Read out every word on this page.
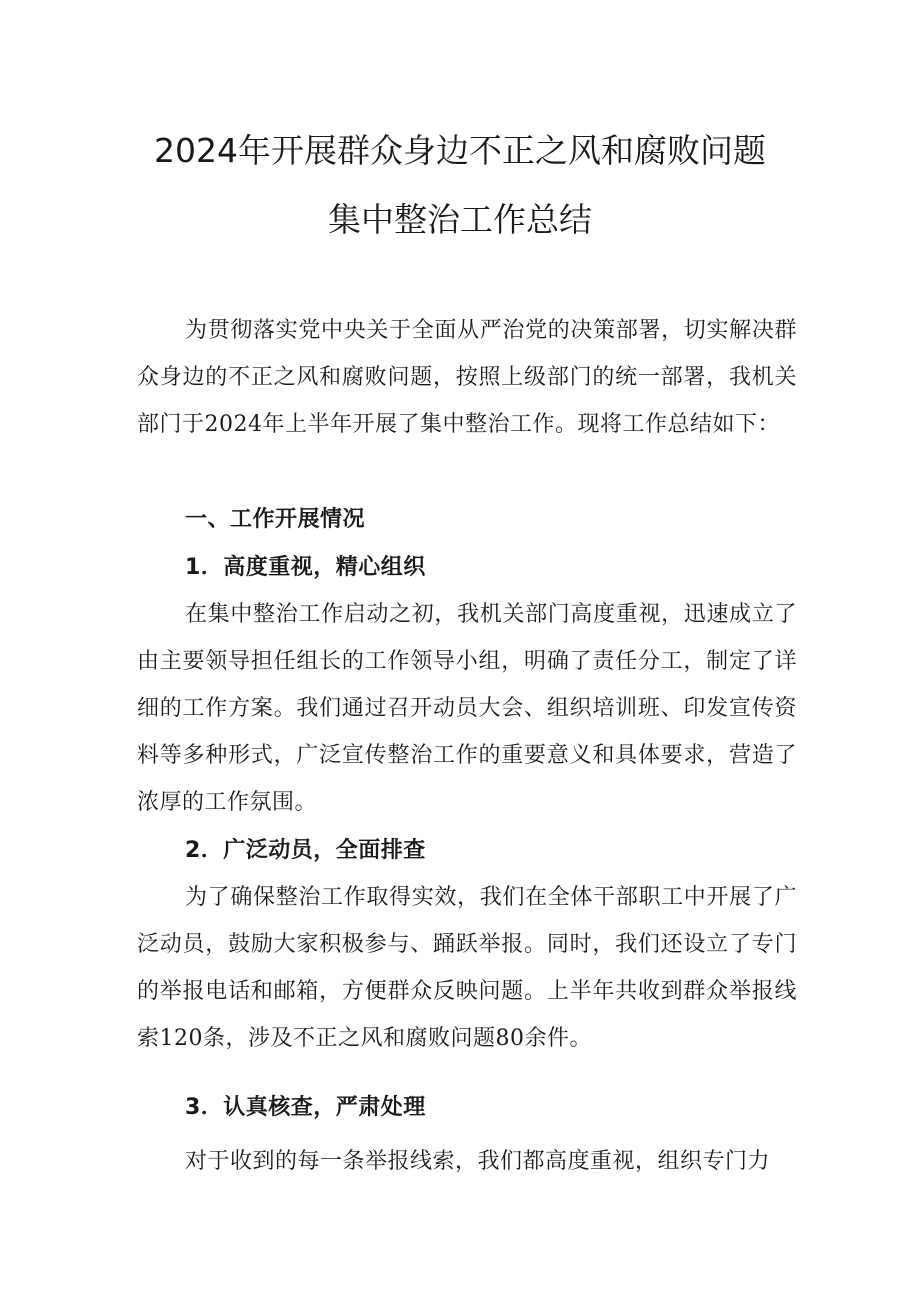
2024年开展群众身边不正之风和腐败问题
集中整治工作总结

为贯彻落实党中央关于全面从严治党的决策部署，切实解决群众身边的不正之风和腐败问题，按照上级部门的统一部署，我机关部门于2024年上半年开展了集中整治工作。现将工作总结如下：

一、工作开展情况

1．高度重视，精心组织

在集中整治工作启动之初，我机关部门高度重视，迅速成立了由主要领导担任组长的工作领导小组，明确了责任分工，制定了详细的工作方案。我们通过召开动员大会、组织培训班、印发宣传资料等多种形式，广泛宣传整治工作的重要意义和具体要求，营造了浓厚的工作氛围。

2．广泛动员，全面排查

为了确保整治工作取得实效，我们在全体干部职工中开展了广泛动员，鼓励大家积极参与、踊跃举报。同时，我们还设立了专门的举报电话和邮箱，方便群众反映问题。上半年共收到群众举报线索120条，涉及不正之风和腐败问题80余件。

3．认真核查，严肃处理

对于收到的每一条举报线索，我们都高度重视，组织专门力
